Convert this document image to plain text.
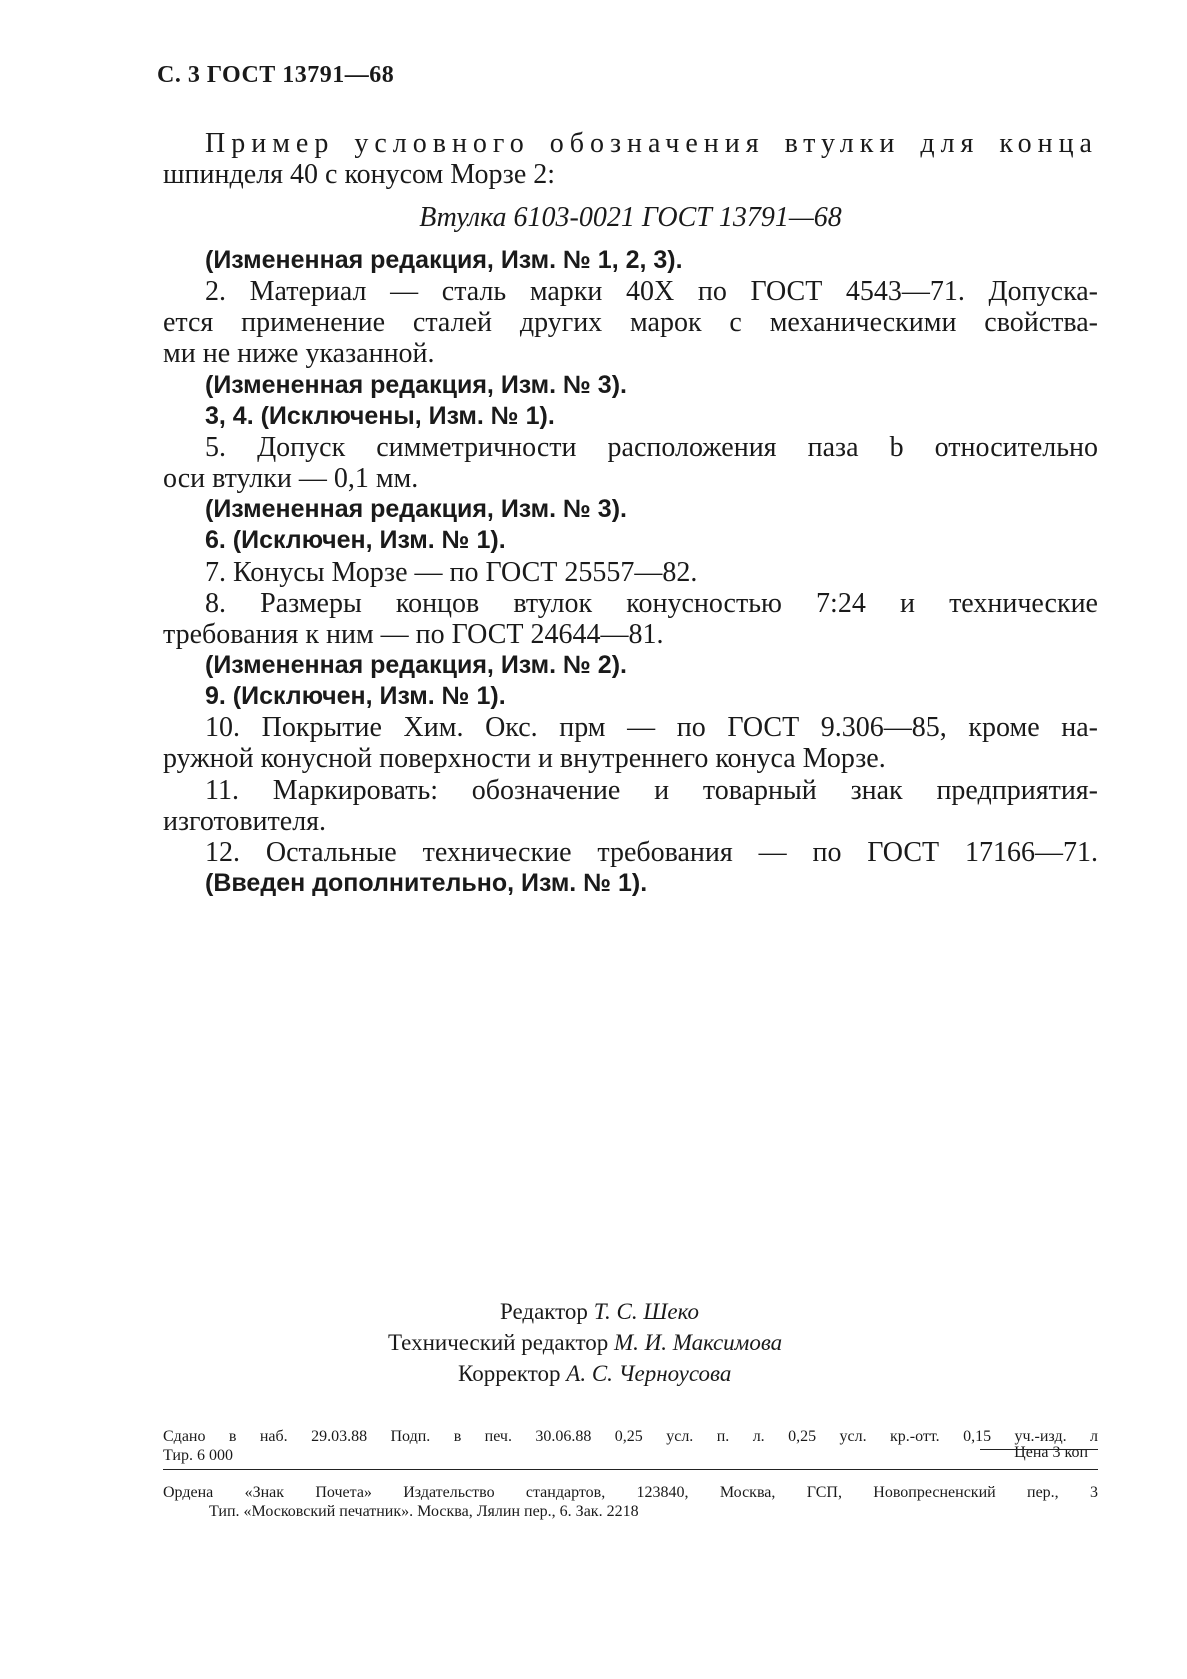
С. 3 ГОСТ 13791—68
Пример условного обозначения втулки для конца
шпинделя 40 с конусом Морзе 2:
Втулка 6103-0021 ГОСТ 13791—68
(Измененная редакция, Изм. № 1, 2, 3).
2. Материал — сталь марки 40Х по ГОСТ 4543—71. Допуска-
ется применение сталей других марок с механическими свойства-
ми не ниже указанной.
(Измененная редакция, Изм. № 3).
3, 4. (Исключены, Изм. № 1).
5. Допуск симметричности расположения паза b относительно
оси втулки — 0,1 мм.
(Измененная редакция, Изм. № 3).
6. (Исключен, Изм. № 1).
7. Конусы Морзе — по ГОСТ 25557—82.
8. Размеры концов втулок конусностью 7:24 и технические
требования к ним — по ГОСТ 24644—81.
(Измененная редакция, Изм. № 2).
9. (Исключен, Изм. № 1).
10. Покрытие Хим. Окс. прм — по ГОСТ 9.306—85, кроме на-
ружной конусной поверхности и внутреннего конуса Морзе.
11. Маркировать: обозначение и товарный знак предприятия-
изготовителя.
12. Остальные технические требования — по ГОСТ 17166—71.
(Введен дополнительно, Изм. № 1).
Редактор Т. С. Шеко
Технический редактор М. И. Максимова
Корректор А. С. Черноусова
Сдано в наб. 29.03.88 Подп. в печ. 30.06.88 0,25 усл. п. л. 0,25 усл. кр.-отт. 0,15 уч.-изд. л
Тир. 6 000	Цена 3 коп
Ордена «Знак Почета» Издательство стандартов, 123840, Москва, ГСП, Новопресненский пер., 3
Тип. «Московский печатник». Москва, Лялин пер., 6. Зак. 2218
